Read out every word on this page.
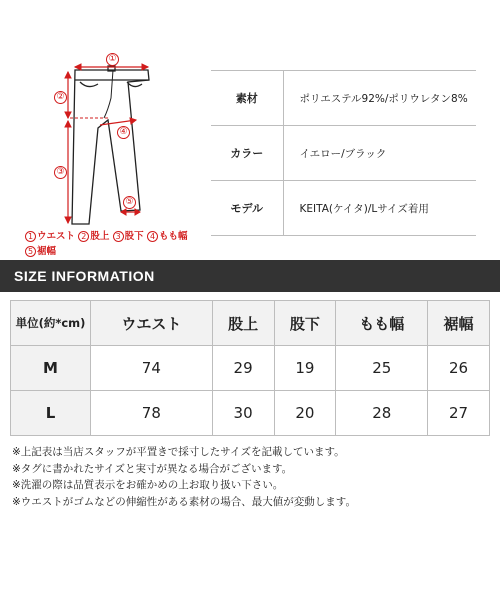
①
②
③
④
⑤
1 ウエスト 2 股上 3 股下 4 もも幅
5 裾幅
素材	ポリエステル92%/ポリウレタン8%
カラー	イエロー/ブラック
モデル	KEITA(ケイタ)/Lサイズ着用
SIZE INFORMATION
単位(約*cm)	ウエスト	股上	股下	もも幅	裾幅
M	74	29	19	25	26
L	78	30	20	28	27
※上記表は当店スタッフが平置きで採寸したサイズを記載しています。
※タグに書かれたサイズと実寸が異なる場合がございます。
※洗濯の際は品質表示をお確かめの上お取り扱い下さい。
※ウエストがゴムなどの伸縮性がある素材の場合、最大値が変動します。
